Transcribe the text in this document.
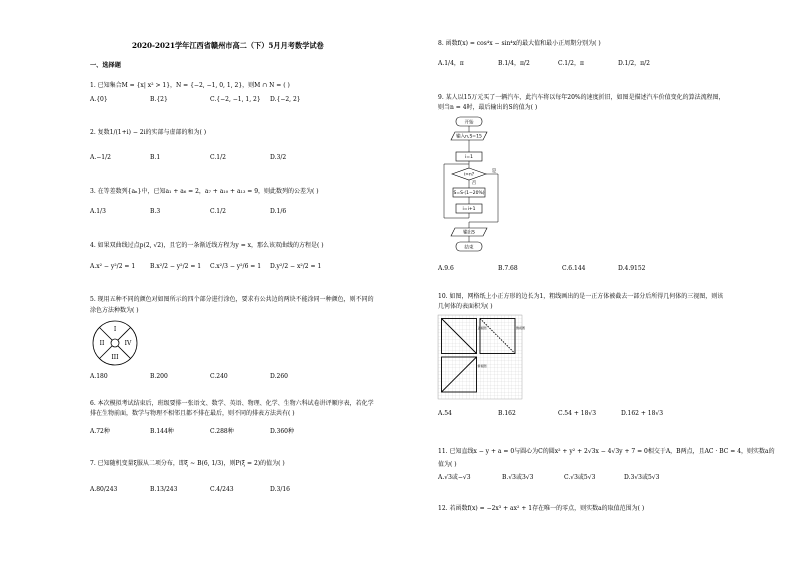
2020-2021学年江西省赣州市高二（下）5月月考数学试卷
一、选择题
1. 已知集合M = {x| x² > 1}，N = {−2, −1, 0, 1, 2}，则M ∩ N = ( )
A.{0}	B.{2}	C.{−2, −1, 1, 2} D.{−2, 2}
2. 复数1/(1+i) − 2i的实部与虚部的和为( )
A.−1/2	B.1	C.1/2	D.3/2
3. 在等差数列{aₙ}中，已知a₁ + a₆ = 2，a₇ + a₁₀ + a₁₃ = 9，则此数列的公差为( )
A.1/3	B.3	C.1/2	D.1/6
4. 如果双曲线过点p(2, √2)，且它的一条渐近线方程为y = x，那么该双曲线的方程是( )
A.x² − y²/2 = 1 B.x²/2 − y²/2 = 1 C.x²/3 − y²/6 = 1 D.y²/2 − x²/2 = 1
5. 现用五种不同的颜色对如图所示的四个部分进行涂色，要求有公共边的两块不能涂同一种颜色，则不同的
涂色方法种数为( )
I
II
III
IV
A.180	B.200	C.240	D.260
6. 本次模拟考试结束后，班级要排一张语文、数学、英语、物理、化学、生物六科试卷讲评顺序表，若化学
排在生物前面，数学与物理不相邻且都不排在最后，则不同的排表方法共有( )
A.72种	B.144种	C.288种	D.360种
7. 已知随机变量ξ服从二项分布，即ξ ~ B(6, 1/3)，则P(ξ = 2)的值为( )
A.80/243	B.13/243	C.4/243	D.3/16
8. 函数f(x) = cos⁴x − sin⁴x的最大值和最小正周期分别为( )
A.1/4，π	B.1/4，π/2	C.1/2，π	D.1/2，π/2
9. 某人以15万元买了一辆汽车，此汽车将以每年20%的速度折旧，如图是描述汽车价值变化的算法流程图，
则当n = 4时，最后输出的S的值为( )
开始
输入n,S=15
i=1
i>n?
是
否
S=S·(1−20%)
i=i+1
输出S
结束
A.9.6	B.7.68	C.6.144	D.4.9152
10. 如图，网格纸上小正方形的边长为1，粗线画出的是一正方体被截去一部分后所得几何体的三视图，则该
几何体的表面积为( )
正视图	侧视图
俯视图
A.54	B.162	C.54 + 18√3	D.162 + 18√3
11. 已知直线x − y + a = 0与圆心为C的圆x² + y² + 2√3x − 4√3y + 7 = 0相交于A，B两点，且AC · BC = 4，则实数a的
值为( )
A.√3或−√3	B.√3或3√3	C.√3或5√3	D.3√3或5√3
12. 若函数f(x) = −2x³ + ax² + 1存在唯一的零点，则实数a的取值范围为( )
